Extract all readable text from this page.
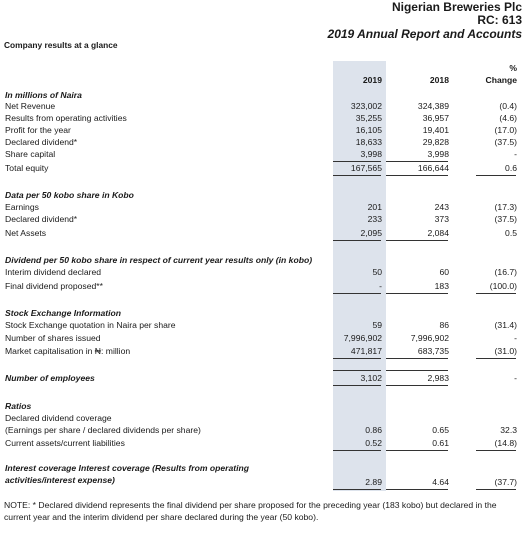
Nigerian Breweries Plc
RC: 613
2019 Annual Report and Accounts
Company results at a glance
%
2019	2018	Change
In millions of Naira
Net Revenue	323,002	324,389	(0.4)
Results from operating activities	35,255	36,957	(4.6)
Profit for the year	16,105	19,401	(17.0)
Declared dividend*	18,633	29,828	(37.5)
Share capital	3,998	3,998	-
Total equity	167,565	166,644	0.6
Data per 50 kobo share in Kobo
Earnings	201	243	(17.3)
Declared dividend*	233	373	(37.5)
Net Assets	2,095	2,084	0.5
Dividend per 50 kobo share in respect of current year results only (in kobo)
Interim dividend declared	50	60	(16.7)
Final dividend proposed**	-	183	(100.0)
Stock Exchange Information
Stock Exchange quotation in Naira per share	59	86	(31.4)
Number of shares issued	7,996,902	7,996,902	-
Market capitalisation in ₦: million	471,817	683,735	(31.0)
Number of employees	3,102	2,983	-
Ratios
Declared dividend coverage
(Earnings per share / declared dividends per share)	0.86	0.65	32.3
Current assets/current liabilities	0.52	0.61	(14.8)
Interest coverage Interest coverage (Results from operating activities/interest expense)	2.89	4.64	(37.7)
NOTE: * Declared dividend represents the final dividend per share proposed for the preceding year (183 kobo) but declared in the current year and the interim dividend per share declared during the year (50 kobo).
